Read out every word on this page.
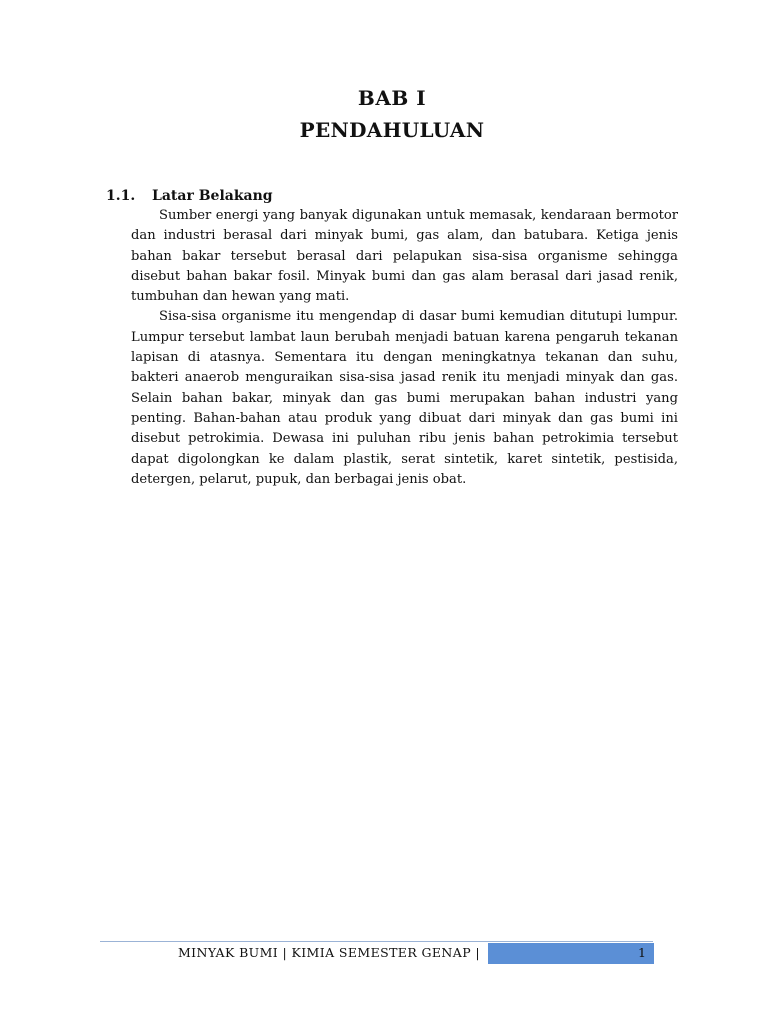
BAB I
PENDAHULUAN
1.1. Latar Belakang

Sumber energi yang banyak digunakan untuk memasak, kendaraan bermotor dan industri berasal dari minyak bumi, gas alam, dan batubara. Ketiga jenis bahan bakar tersebut berasal dari pelapukan sisa-sisa organisme sehingga disebut bahan bakar fosil. Minyak bumi dan gas alam berasal dari jasad renik, tumbuhan dan hewan yang mati.

Sisa-sisa organisme itu mengendap di dasar bumi kemudian ditutupi lumpur. Lumpur tersebut lambat laun berubah menjadi batuan karena pengaruh tekanan lapisan di atasnya. Sementara itu dengan meningkatnya tekanan dan suhu, bakteri anaerob menguraikan sisa-sisa jasad renik itu menjadi minyak dan gas. Selain bahan bakar, minyak dan gas bumi merupakan bahan industri yang penting. Bahan-bahan atau produk yang dibuat dari minyak dan gas bumi ini disebut petrokimia. Dewasa ini puluhan ribu jenis bahan petrokimia tersebut dapat digolongkan ke dalam plastik, serat sintetik, karet sintetik, pestisida, detergen, pelarut, pupuk, dan berbagai jenis obat.

MINYAK BUMI | KIMIA SEMESTER GENAP |	1
